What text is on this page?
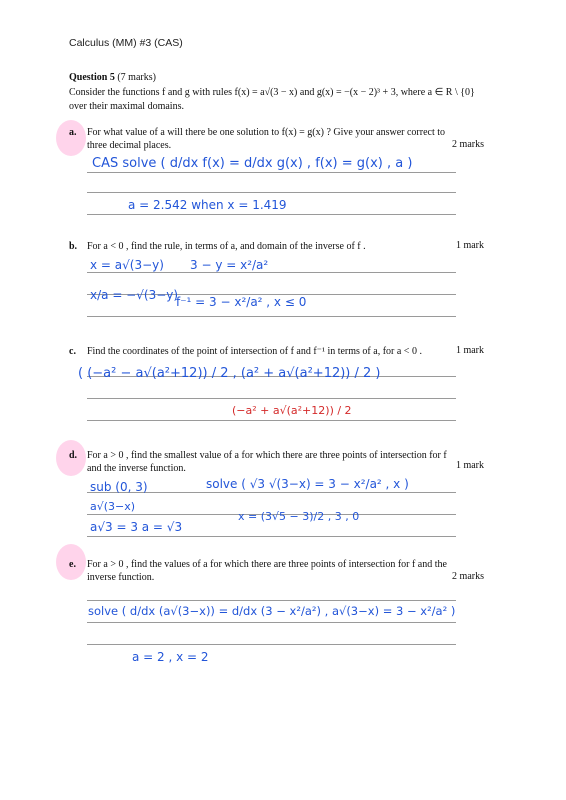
Calculus (MM) #3 (CAS)
Question 5 (7 marks)
Consider the functions f and g with rules f(x) = a√(3 − x) and g(x) = −(x − 2)³ + 3, where a ∈ R \ {0} over their maximal domains.
a. For what value of a will there be one solution to f(x) = g(x) ? Give your answer correct to three decimal places.	2 marks
CAS solve ( d/dx f(x) = d/dx g(x) , f(x) = g(x) , a )
a = 2.542 when x = 1.419
b. For a < 0 , find the rule, in terms of a, and domain of the inverse of f .	1 mark
x = a√(3−y) 3 − y = x²/a²
x/a = −√(3−y)
f⁻¹ = 3 − x²/a² , x ≤ 0
c. Find the coordinates of the point of intersection of f and f⁻¹ in terms of a, for a < 0 .	1 mark
( (−a² − a√(a²+12)) / 2 , (a² + a√(a²+12)) / 2 )
(−a² + a√(a²+12)) / 2
d. For a > 0 , find the smallest value of a for which there are three points of intersection for f and the inverse function.	1 mark
sub (0, 3)	solve ( √3 √(3−x) = 3 − x²/a² , x )
a√(3−x)
x = (3√5 − 3)/2 , 3 , 0
a√3 = 3 a = √3
e. For a > 0 , find the values of a for which there are three points of intersection for f and the inverse function.	2 marks
solve ( d/dx (a√(3−x)) = d/dx (3 − x²/a²) , a√(3−x) = 3 − x²/a² )
a = 2 , x = 2
